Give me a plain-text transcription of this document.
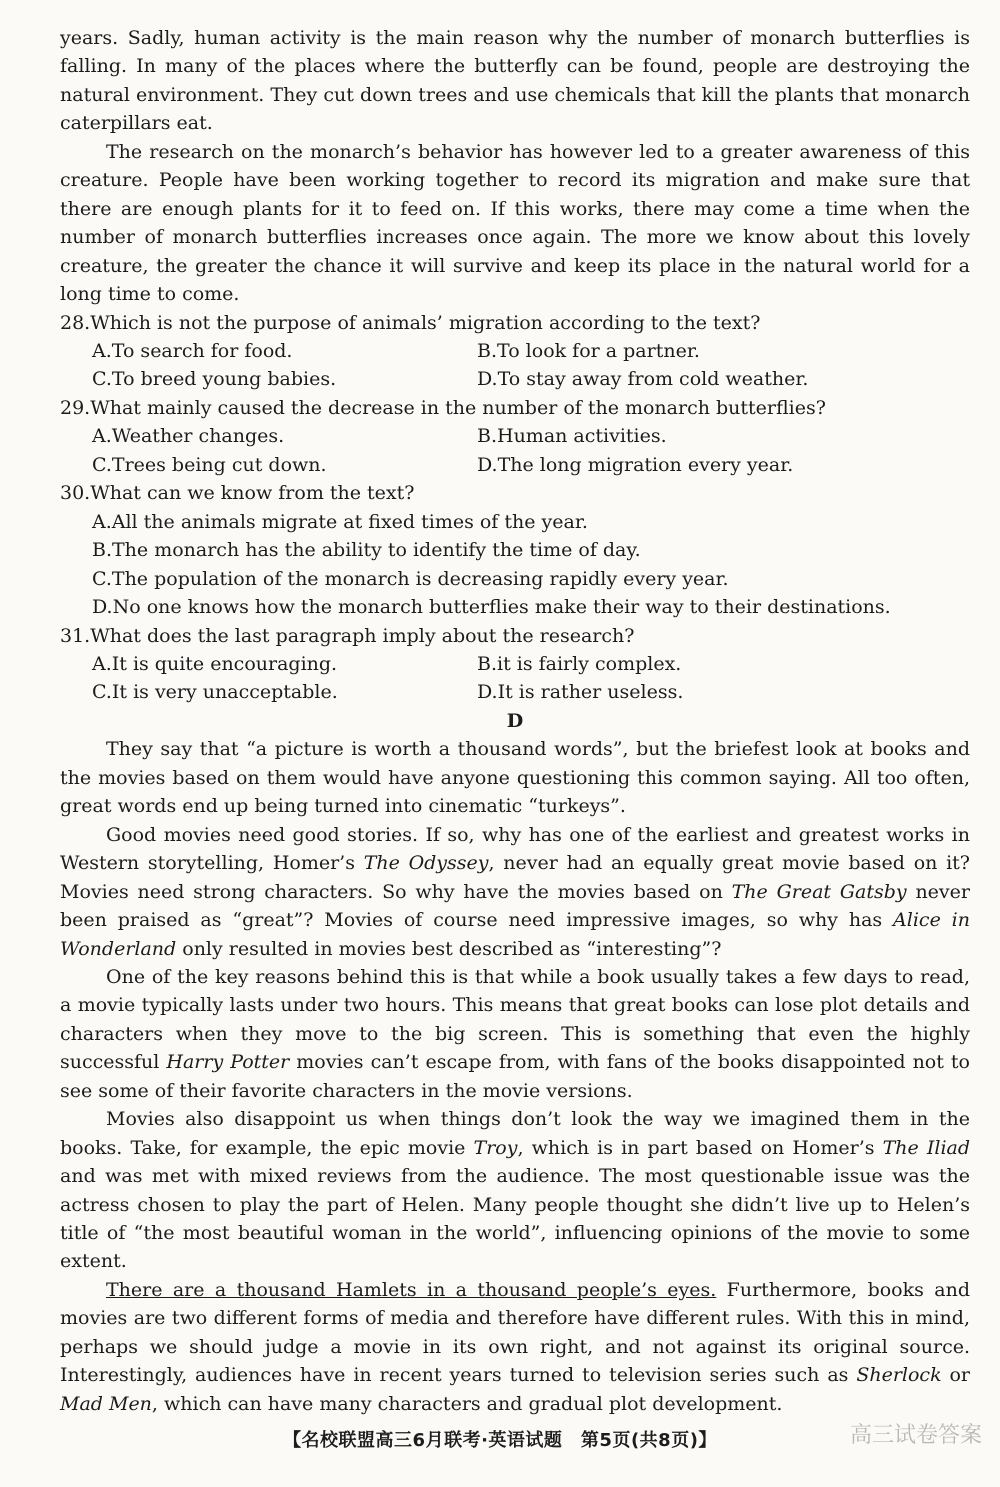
years. Sadly, human activity is the main reason why the number of monarch butterflies is falling. In many of the places where the butterfly can be found, people are destroying the natural environment. They cut down trees and use chemicals that kill the plants that monarch caterpillars eat.

The research on the monarch’s behavior has however led to a greater awareness of this creature. People have been working together to record its migration and make sure that there are enough plants for it to feed on. If this works, there may come a time when the number of monarch butterflies increases once again. The more we know about this lovely creature, the greater the chance it will survive and keep its place in the natural world for a long time to come.

28.Which is not the purpose of animals’ migration according to the text?

A.To search for food.	B.To look for a partner.
C.To breed young babies.	D.To stay away from cold weather.

29.What mainly caused the decrease in the number of the monarch butterflies?

A.Weather changes.	B.Human activities.
C.Trees being cut down.	D.The long migration every year.

30.What can we know from the text?

A.All the animals migrate at fixed times of the year.
B.The monarch has the ability to identify the time of day.
C.The population of the monarch is decreasing rapidly every year.
D.No one knows how the monarch butterflies make their way to their destinations.

31.What does the last paragraph imply about the research?

A.It is quite encouraging.	B.it is fairly complex.
C.It is very unacceptable.	D.It is rather useless.

D

They say that “a picture is worth a thousand words”, but the briefest look at books and the movies based on them would have anyone questioning this common saying. All too often, great words end up being turned into cinematic “turkeys”.

Good movies need good stories. If so, why has one of the earliest and greatest works in Western storytelling, Homer’s The Odyssey, never had an equally great movie based on it? Movies need strong characters. So why have the movies based on The Great Gatsby never been praised as “great”? Movies of course need impressive images, so why has Alice in Wonderland only resulted in movies best described as “interesting”?

One of the key reasons behind this is that while a book usually takes a few days to read, a movie typically lasts under two hours. This means that great books can lose plot details and characters when they move to the big screen. This is something that even the highly successful Harry Potter movies can’t escape from, with fans of the books disappointed not to see some of their favorite characters in the movie versions.

Movies also disappoint us when things don’t look the way we imagined them in the books. Take, for example, the epic movie Troy, which is in part based on Homer’s The Iliad and was met with mixed reviews from the audience. The most questionable issue was the actress chosen to play the part of Helen. Many people thought she didn’t live up to Helen’s title of “the most beautiful woman in the world”, influencing opinions of the movie to some extent.

There are a thousand Hamlets in a thousand people’s eyes. Furthermore, books and movies are two different forms of media and therefore have different rules. With this in mind, perhaps we should judge a movie in its own right, and not against its original source. Interestingly, audiences have in recent years turned to television series such as Sherlock or Mad Men, which can have many characters and gradual plot development.

【名校联盟高三6月联考·英语试题　第5页(共8页)】	高三试卷答案
